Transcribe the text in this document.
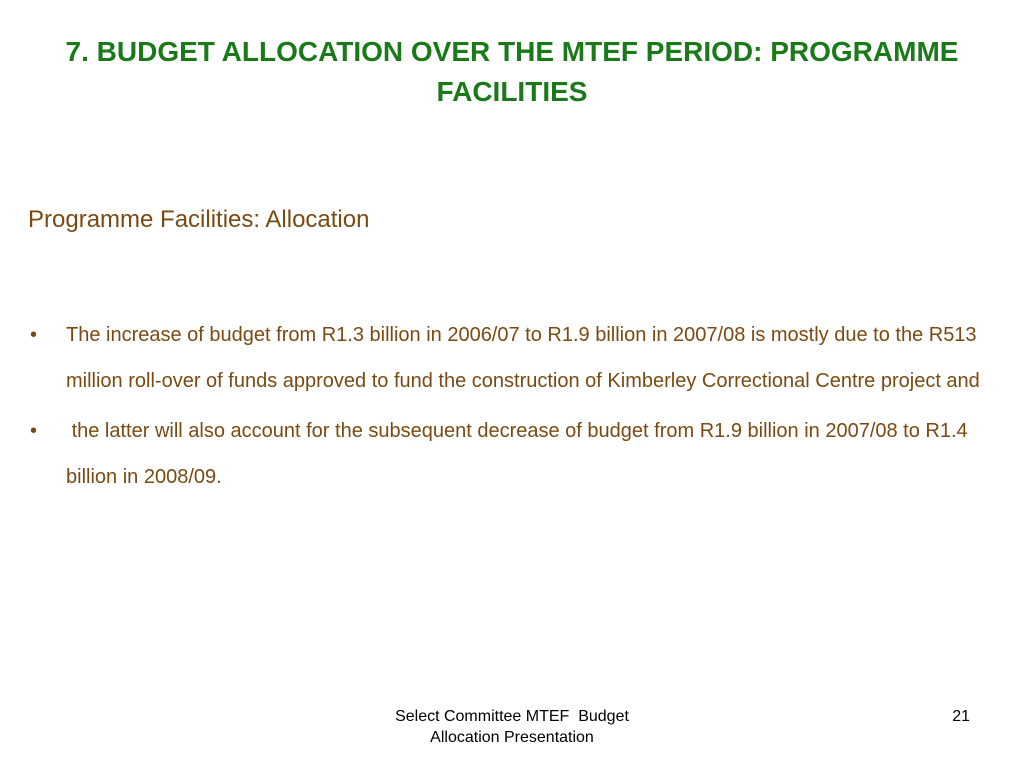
7. BUDGET ALLOCATION OVER THE MTEF PERIOD: PROGRAMME FACILITIES

Programme Facilities: Allocation

• The increase of budget from R1.3 billion in 2006/07 to R1.9 billion in 2007/08 is mostly due to the R513 million roll-over of funds approved to fund the construction of Kimberley Correctional Centre project and
• the latter will also account for the subsequent decrease of budget from R1.9 billion in 2007/08 to R1.4 billion in 2008/09.
Select Committee MTEF  Budget
Allocation Presentation
21
